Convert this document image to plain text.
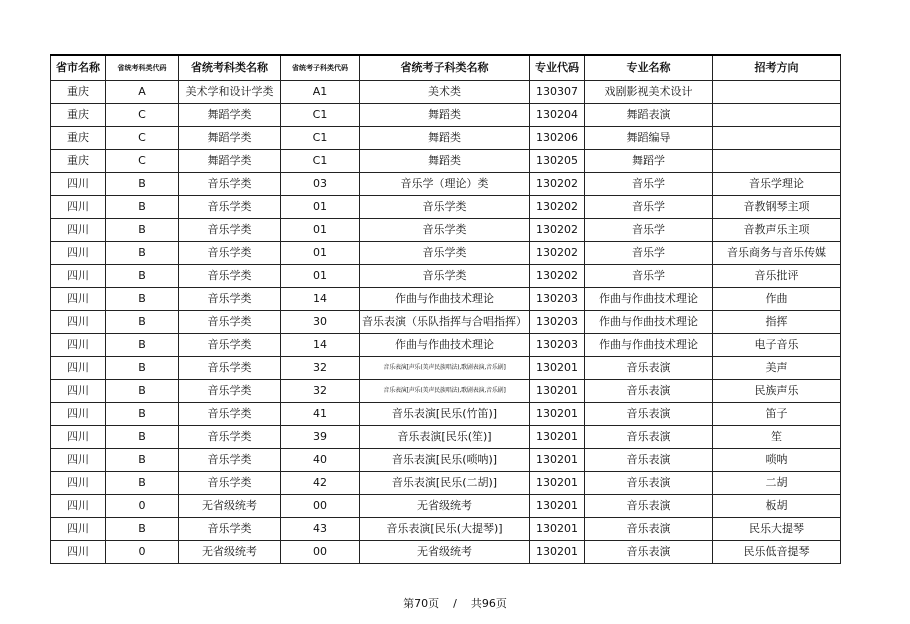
省市名称	省统考科类代码	省统考科类名称	省统考子科类代码	省统考子科类名称	专业代码	专业名称	招考方向
重庆	A	美术学和设计学类	A1	美术类	130307	戏剧影视美术设计	
重庆	C	舞蹈学类	C1	舞蹈类	130204	舞蹈表演	
重庆	C	舞蹈学类	C1	舞蹈类	130206	舞蹈编导	
重庆	C	舞蹈学类	C1	舞蹈类	130205	舞蹈学	
四川	B	音乐学类	03	音乐学（理论）类	130202	音乐学	音乐学理论
四川	B	音乐学类	01	音乐学类	130202	音乐学	音教钢琴主项
四川	B	音乐学类	01	音乐学类	130202	音乐学	音教声乐主项
四川	B	音乐学类	01	音乐学类	130202	音乐学	音乐商务与音乐传媒
四川	B	音乐学类	01	音乐学类	130202	音乐学	音乐批评
四川	B	音乐学类	14	作曲与作曲技术理论	130203	作曲与作曲技术理论	作曲
四川	B	音乐学类	30	音乐表演（乐队指挥与合唱指挥）	130203	作曲与作曲技术理论	指挥
四川	B	音乐学类	14	作曲与作曲技术理论	130203	作曲与作曲技术理论	电子音乐
四川	B	音乐学类	32	音乐表演[声乐(美声民族唱法),歌剧表演,音乐剧]	130201	音乐表演	美声
四川	B	音乐学类	32	音乐表演[声乐(美声民族唱法),歌剧表演,音乐剧]	130201	音乐表演	民族声乐
四川	B	音乐学类	41	音乐表演[民乐(竹笛)]	130201	音乐表演	笛子
四川	B	音乐学类	39	音乐表演[民乐(笙)]	130201	音乐表演	笙
四川	B	音乐学类	40	音乐表演[民乐(唢呐)]	130201	音乐表演	唢呐
四川	B	音乐学类	42	音乐表演[民乐(二胡)]	130201	音乐表演	二胡
四川	0	无省级统考	00	无省级统考	130201	音乐表演	板胡
四川	B	音乐学类	43	音乐表演[民乐(大提琴)]	130201	音乐表演	民乐大提琴
四川	0	无省级统考	00	无省级统考	130201	音乐表演	民乐低音提琴
第70页 / 共96页
